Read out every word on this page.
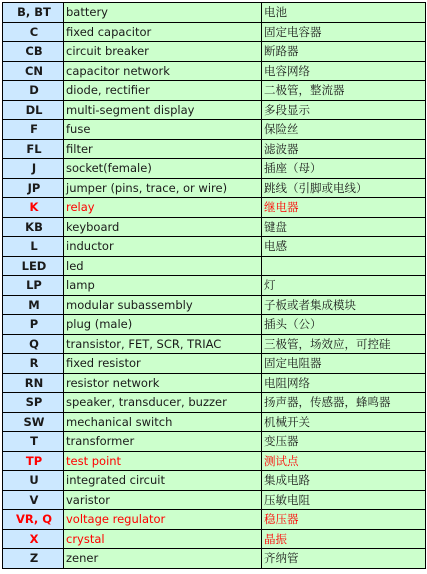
B, BT	battery	电池
C	fixed capacitor	固定电容器
CB	circuit breaker	断路器
CN	capacitor network	电容网络
D	diode, rectifier	二极管，整流器
DL	multi-segment display	多段显示
F	fuse	保险丝
FL	filter	滤波器
J	socket(female)	插座（母）
JP	jumper (pins, trace, or wire)	跳线（引脚或电线）
K	relay	继电器
KB	keyboard	键盘
L	inductor	电感
LED	led	
LP	lamp	灯
M	modular subassembly	子板或者集成模块
P	plug (male)	插头（公）
Q	transistor, FET, SCR, TRIAC	三极管，场效应，可控硅
R	fixed resistor	固定电阻器
RN	resistor network	电阻网络
SP	speaker, transducer, buzzer	扬声器，传感器，蜂鸣器
SW	mechanical switch	机械开关
T	transformer	变压器
TP	test point	测试点
U	integrated circuit	集成电路
V	varistor	压敏电阻
VR, Q	voltage regulator	稳压器
X	crystal	晶振
Z	zener	齐纳管
